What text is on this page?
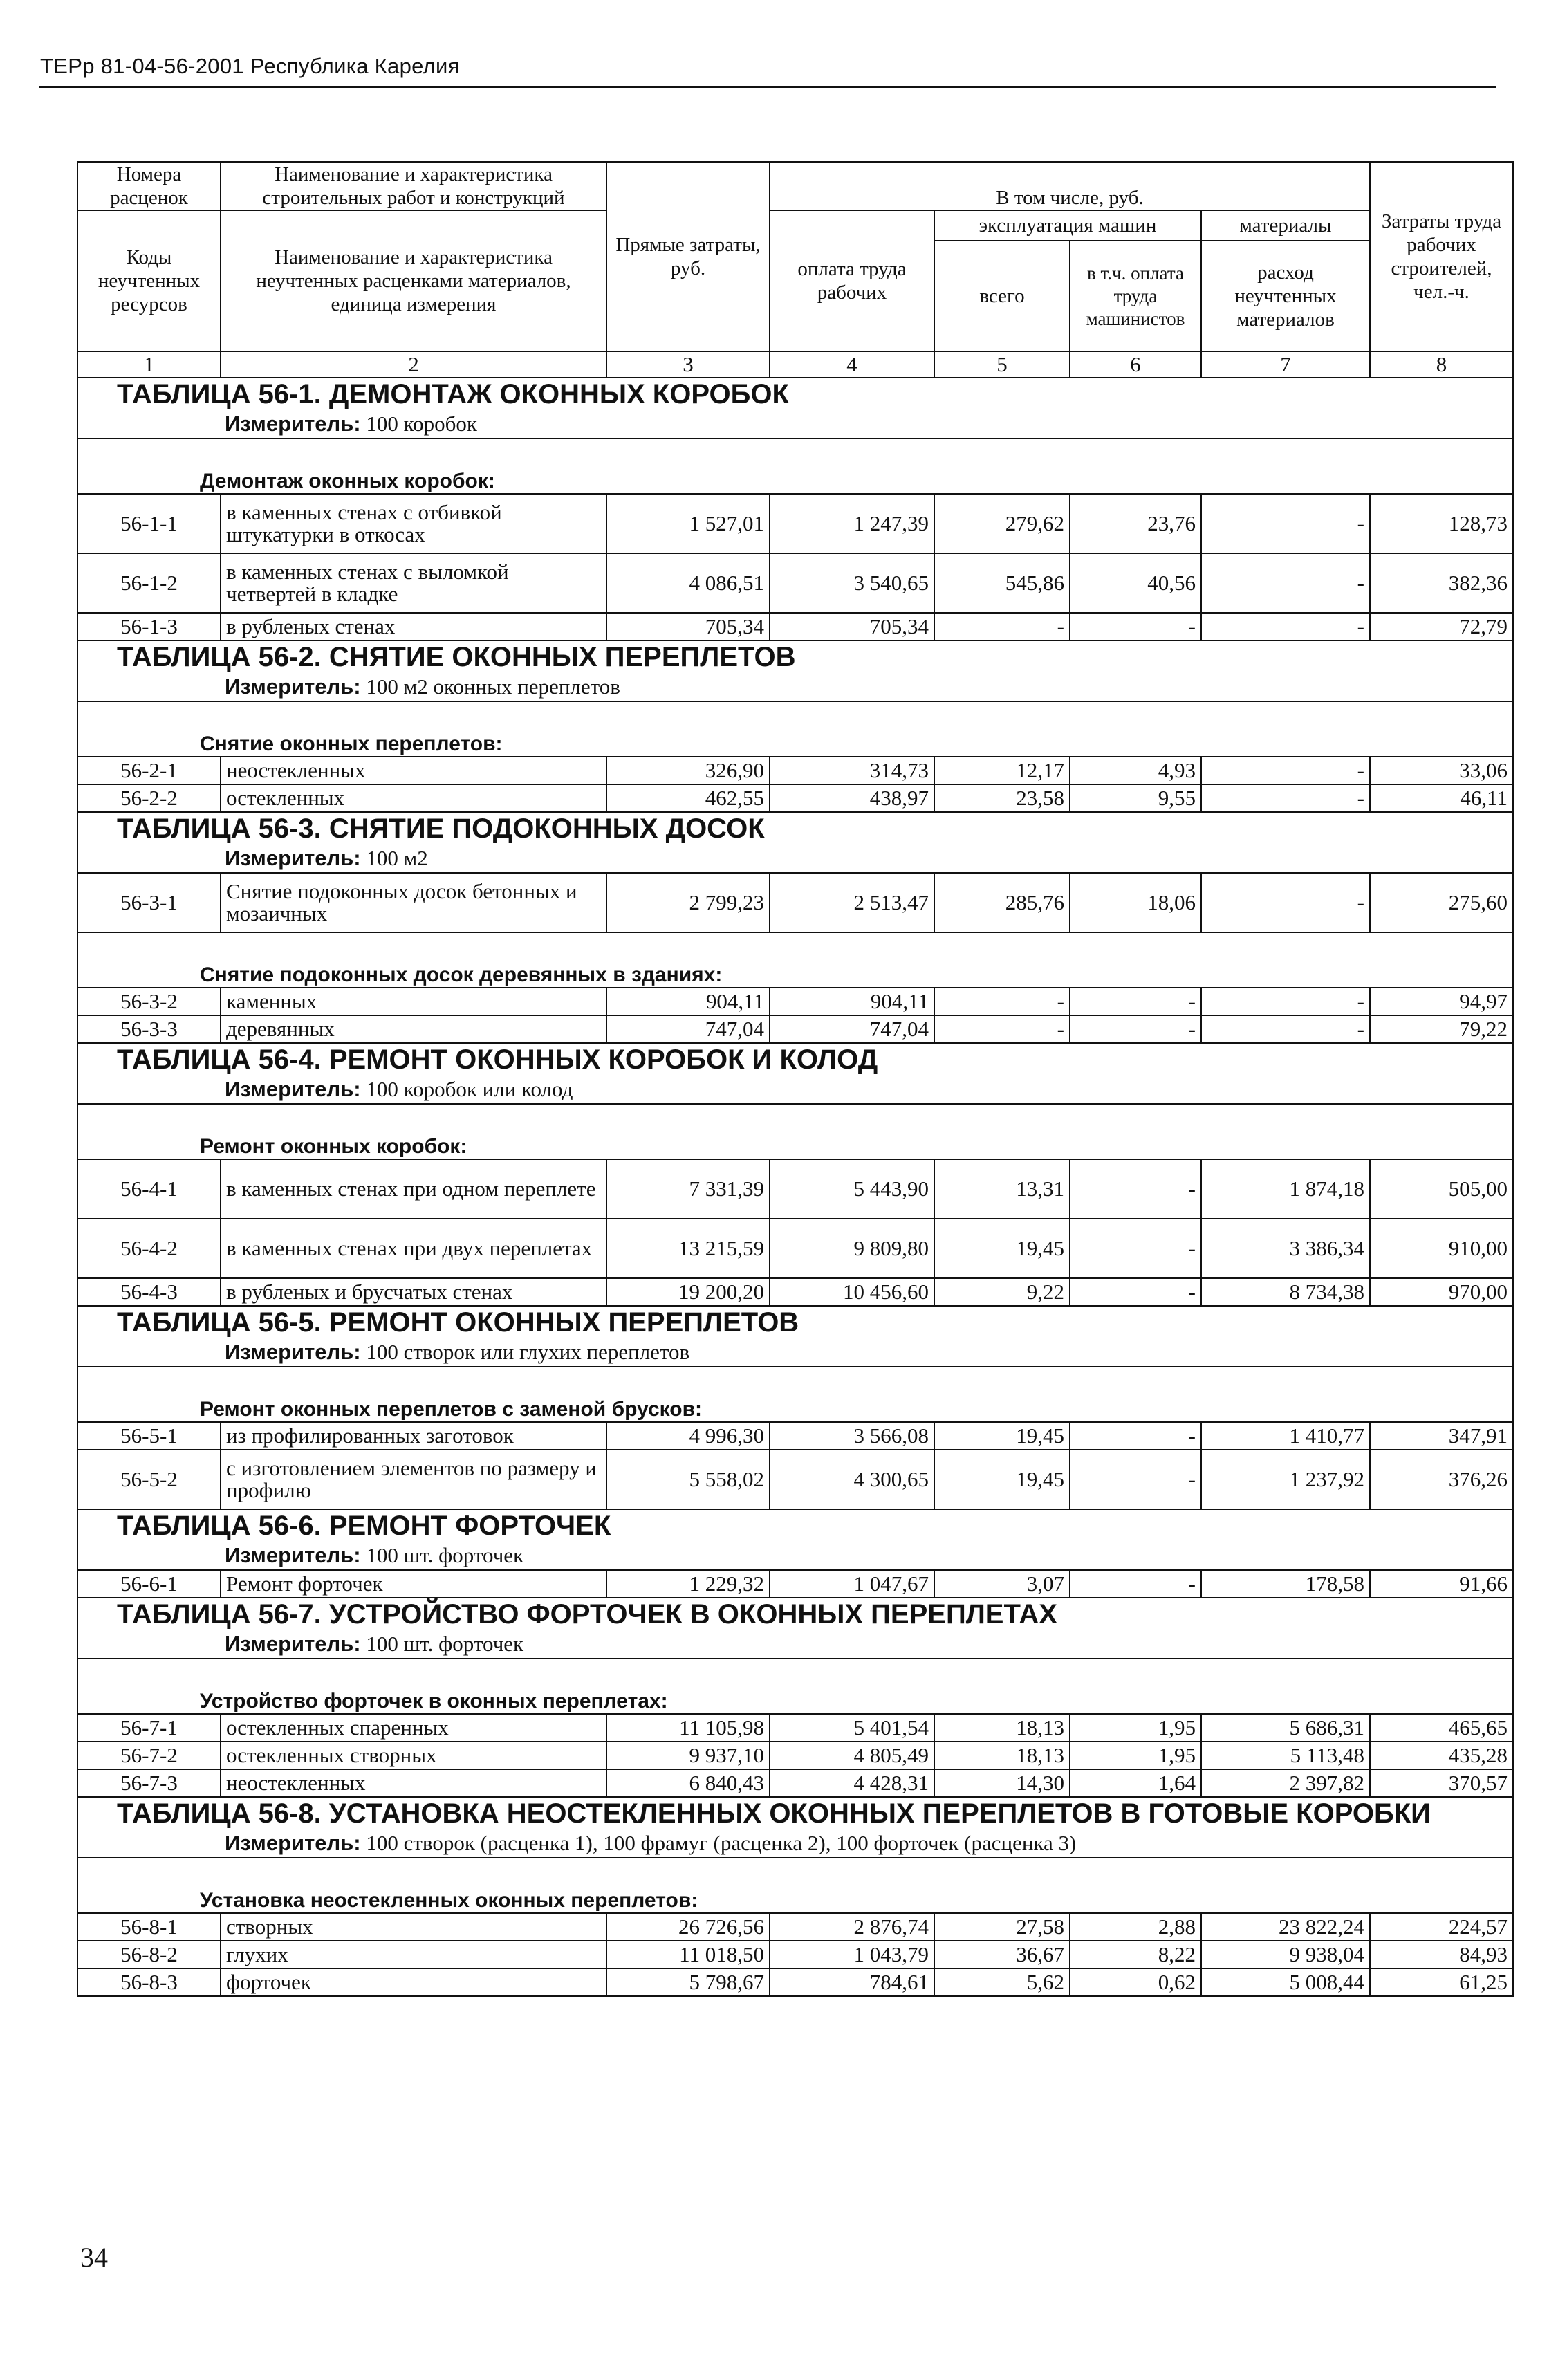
ТЕРр 81-04-56-2001 Республика Карелия
Номера расценок	Наименование и характеристика строительных работ и конструкций	Прямые затраты, руб.	В том числе, руб.				Затраты труда рабочих строителей, чел.-ч.
Коды неучтенных ресурсов	Наименование и характеристика неучтенных расценками материалов, единица измерения		оплата труда рабочих	эксплуатация машин		материалы	
				всего	в т.ч. оплата труда машинистов	расход неучтенных материалов	
1	2	3	4	5	6	7	8
ТАБЛИЦА 56-1. ДЕМОНТАЖ ОКОННЫХ КОРОБОК							
Измеритель: 100 коробок							
Демонтаж оконных коробок:							
56-1-1	в каменных стенах с отбивкой штукатурки в откосах	1 527,01	1 247,39	279,62	23,76	-	128,73
56-1-2	в каменных стенах с выломкой четвертей в кладке	4 086,51	3 540,65	545,86	40,56	-	382,36
56-1-3	в рубленых стенах	705,34	705,34	-	-	-	72,79
ТАБЛИЦА 56-2. СНЯТИЕ ОКОННЫХ ПЕРЕПЛЕТОВ							
Измеритель: 100 м2 оконных переплетов							
Снятие оконных переплетов:							
56-2-1	неостекленных	326,90	314,73	12,17	4,93	-	33,06
56-2-2	остекленных	462,55	438,97	23,58	9,55	-	46,11
ТАБЛИЦА 56-3. СНЯТИЕ ПОДОКОННЫХ ДОСОК							
Измеритель: 100 м2							
56-3-1	Снятие подоконных досок бетонных и мозаичных	2 799,23	2 513,47	285,76	18,06	-	275,60
Снятие подоконных досок деревянных в зданиях:							
56-3-2	каменных	904,11	904,11	-	-	-	94,97
56-3-3	деревянных	747,04	747,04	-	-	-	79,22
ТАБЛИЦА 56-4. РЕМОНТ ОКОННЫХ КОРОБОК И КОЛОД							
Измеритель: 100 коробок или колод							
Ремонт оконных коробок:							
56-4-1	в каменных стенах при одном переплете	7 331,39	5 443,90	13,31	-	1 874,18	505,00
56-4-2	в каменных стенах при двух переплетах	13 215,59	9 809,80	19,45	-	3 386,34	910,00
56-4-3	в рубленых и брусчатых стенах	19 200,20	10 456,60	9,22	-	8 734,38	970,00
ТАБЛИЦА 56-5. РЕМОНТ ОКОННЫХ ПЕРЕПЛЕТОВ							
Измеритель: 100 створок или глухих переплетов							
Ремонт оконных переплетов с заменой брусков:							
56-5-1	из профилированных заготовок	4 996,30	3 566,08	19,45	-	1 410,77	347,91
56-5-2	с изготовлением элементов по размеру и профилю	5 558,02	4 300,65	19,45	-	1 237,92	376,26
ТАБЛИЦА 56-6. РЕМОНТ ФОРТОЧЕК							
Измеритель: 100 шт. форточек							
56-6-1	Ремонт форточек	1 229,32	1 047,67	3,07	-	178,58	91,66
ТАБЛИЦА 56-7. УСТРОЙСТВО ФОРТОЧЕК В ОКОННЫХ ПЕРЕПЛЕТАХ							
Измеритель: 100 шт. форточек							
Устройство форточек в оконных переплетах:							
56-7-1	остекленных спаренных	11 105,98	5 401,54	18,13	1,95	5 686,31	465,65
56-7-2	остекленных створных	9 937,10	4 805,49	18,13	1,95	5 113,48	435,28
56-7-3	неостекленных	6 840,43	4 428,31	14,30	1,64	2 397,82	370,57
ТАБЛИЦА 56-8. УСТАНОВКА НЕОСТЕКЛЕННЫХ ОКОННЫХ ПЕРЕПЛЕТОВ В ГОТОВЫЕ КОРОБКИ							
Измеритель: 100 створок (расценка 1), 100 фрамуг (расценка 2), 100 форточек (расценка 3)							
Установка неостекленных оконных переплетов:							
56-8-1	створных	26 726,56	2 876,74	27,58	2,88	23 822,24	224,57
56-8-2	глухих	11 018,50	1 043,79	36,67	8,22	9 938,04	84,93
56-8-3	форточек	5 798,67	784,61	5,62	0,62	5 008,44	61,25
34
